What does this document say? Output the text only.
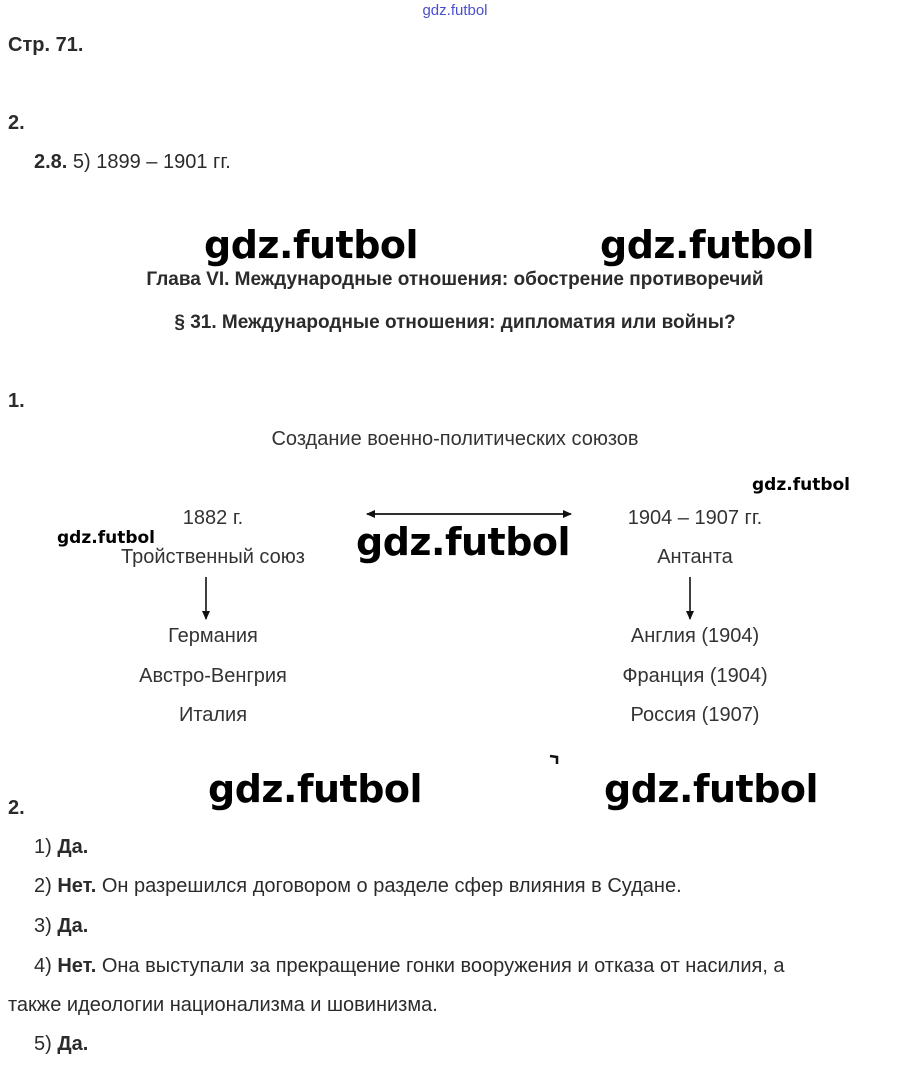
gdz.futbol
Стр. 71.
2.
2.8. 5) 1899 – 1901 гг.
gdz.futbol	gdz.futbol
Глава VI. Международные отношения: обострение противоречий
§ 31. Международные отношения: дипломатия или войны?
1.
Создание военно-политических союзов
gdz.futbol
gdz.futbol
1882 г.
Тройственный союз
Германия
Австро-Венгрия
Италия
1904 – 1907 гг.
Антанта
Англия (1904)
Франция (1904)
Россия (1907)
gdz.futbol
gdz.futbol	gdz.futbol
2.
1) Да.
2) Нет. Он разрешился договором о разделе сфер влияния в Судане.
3) Да.
4) Нет. Она выступали за прекращение гонки вооружения и отказа от насилия, а
также идеологии национализма и шовинизма.
5) Да.
